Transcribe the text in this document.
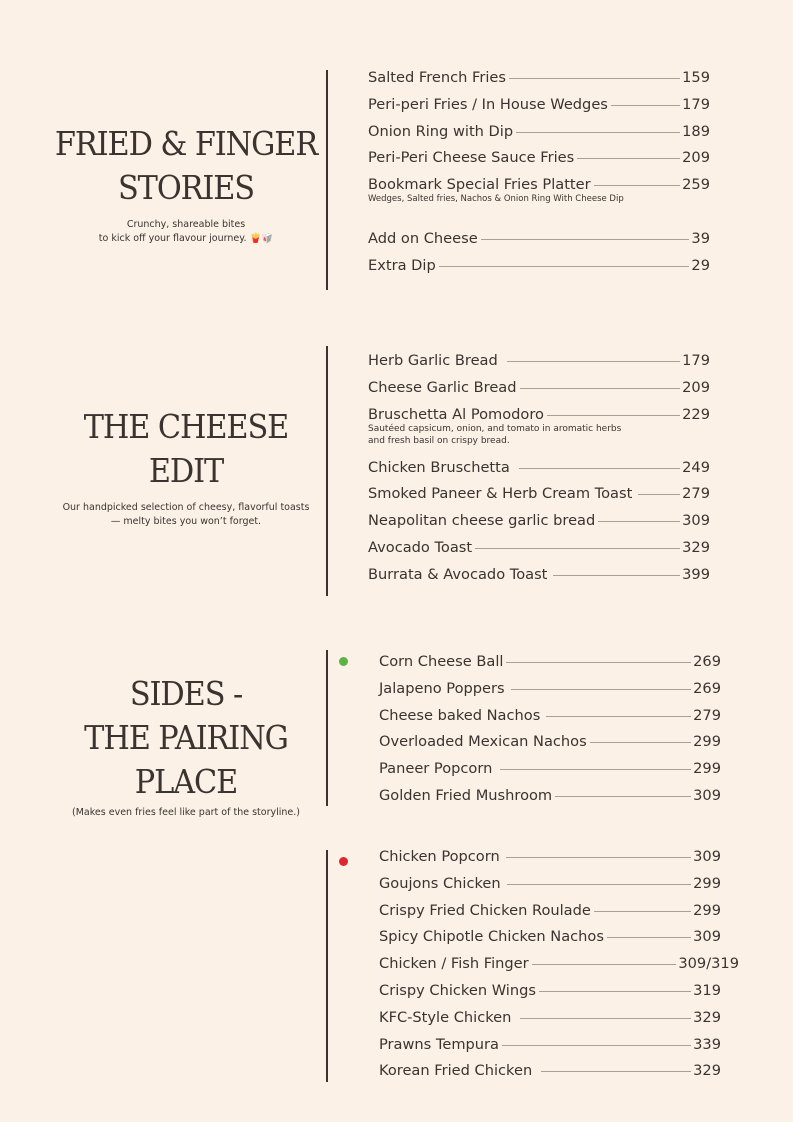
FRIED & FINGER
STORIES
Crunchy, shareable bites
to kick off your flavour journey. 🍟🥡
Salted French Fries	159
Peri-peri Fries / In House Wedges	179
Onion Ring with Dip	189
Peri-Peri Cheese Sauce Fries	209
Bookmark Special Fries Platter	259
Wedges, Salted fries, Nachos & Onion Ring With Cheese Dip
Add on Cheese	39
Extra Dip	29
THE CHEESE
EDIT
Our handpicked selection of cheesy, flavorful toasts
— melty bites you won’t forget.
Herb Garlic Bread	179
Cheese Garlic Bread	209
Bruschetta Al Pomodoro	229
Sautéed capsicum, onion, and tomato in aromatic herbs
and fresh basil on crispy bread.
Chicken Bruschetta	249
Smoked Paneer & Herb Cream Toast	279
Neapolitan cheese garlic bread	309
Avocado Toast	329
Burrata & Avocado Toast	399
SIDES -
THE PAIRING
PLACE
(Makes even fries feel like part of the storyline.)
Corn Cheese Ball	269
Jalapeno Poppers	269
Cheese baked Nachos	279
Overloaded Mexican Nachos	299
Paneer Popcorn	299
Golden Fried Mushroom	309
Chicken Popcorn	309
Goujons Chicken	299
Crispy Fried Chicken Roulade	299
Spicy Chipotle Chicken Nachos	309
Chicken / Fish Finger	309/319
Crispy Chicken Wings	319
KFC-Style Chicken	329
Prawns Tempura	339
Korean Fried Chicken	329
